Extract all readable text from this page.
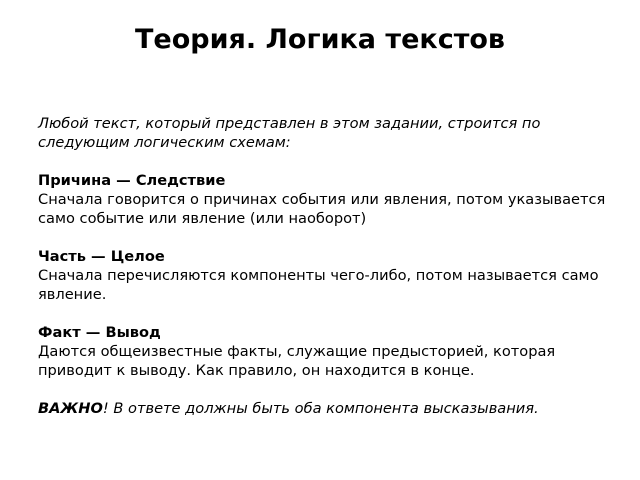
Теория. Логика текстов

Любой текст, который представлен в этом задании, строится по следующим логическим схемам:

Причина — Следствие
Сначала говорится о причинах события или явления, потом указывается само событие или явление (или наоборот)
Часть — Целое
Сначала перечисляются компоненты чего-либо, потом называется само явление.
Факт — Вывод
Даются общеизвестные факты, служащие предысторией, которая приводит к выводу. Как правило, он находится в конце.

ВАЖНО! В ответе должны быть оба компонента высказывания.
